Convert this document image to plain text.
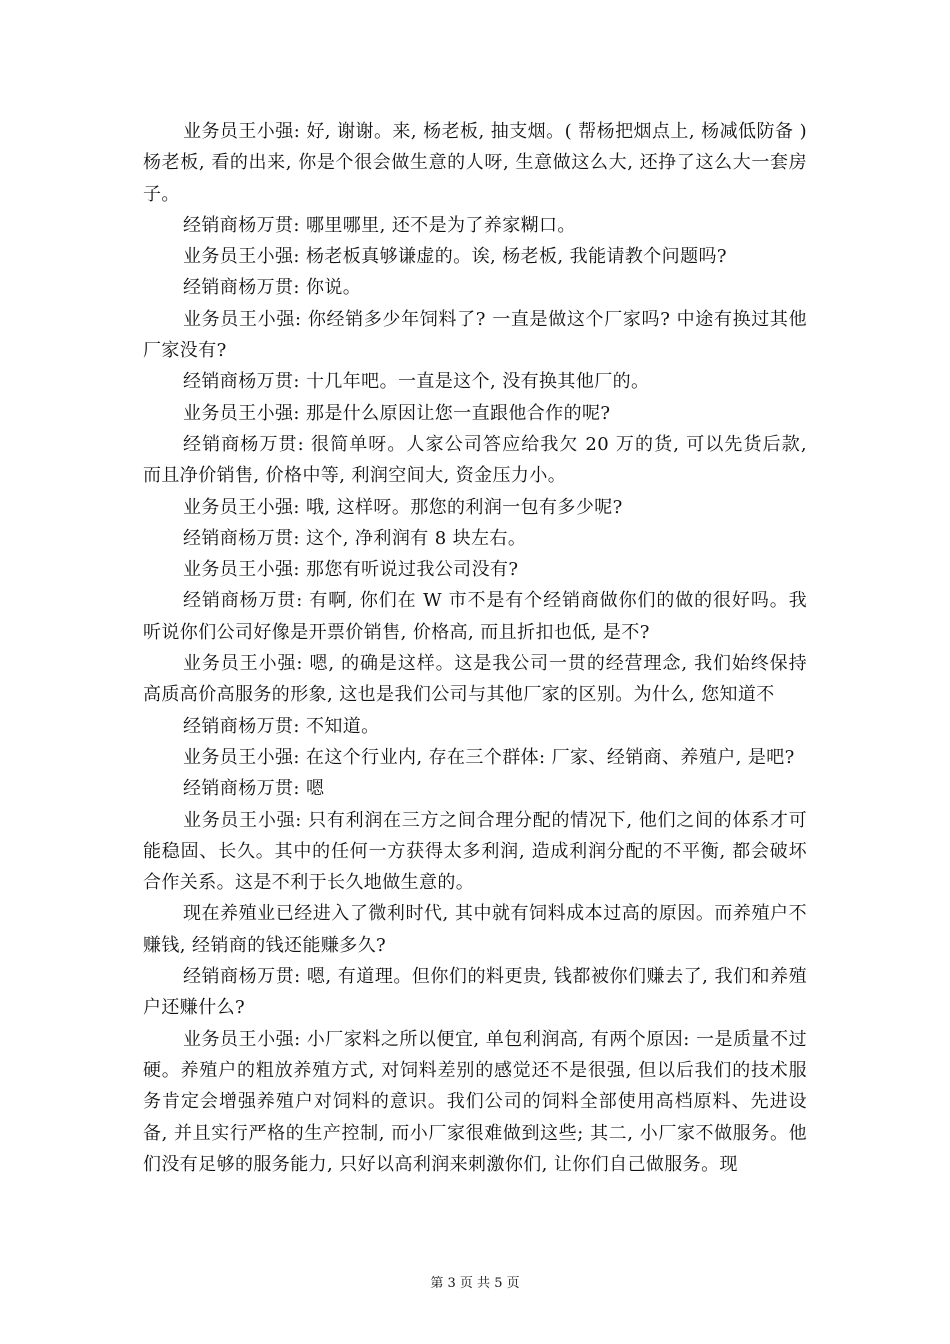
业务员王小强: 好, 谢谢。来, 杨老板, 抽支烟。( 帮杨把烟点上, 杨减低防备 ) 杨老板, 看的出来, 你是个很会做生意的人呀, 生意做这么大, 还挣了这么大一套房子。

经销商杨万贯: 哪里哪里, 还不是为了养家糊口。

业务员王小强: 杨老板真够谦虚的。诶, 杨老板, 我能请教个问题吗?

经销商杨万贯: 你说。

业务员王小强: 你经销多少年饲料了? 一直是做这个厂家吗? 中途有换过其他厂家没有?

经销商杨万贯: 十几年吧。一直是这个, 没有换其他厂的。

业务员王小强: 那是什么原因让您一直跟他合作的呢?

经销商杨万贯: 很简单呀。人家公司答应给我欠 20 万的货, 可以先货后款, 而且净价销售, 价格中等, 利润空间大, 资金压力小。

业务员王小强: 哦, 这样呀。那您的利润一包有多少呢?

经销商杨万贯: 这个, 净利润有 8 块左右。

业务员王小强: 那您有听说过我公司没有?

经销商杨万贯: 有啊, 你们在 W 市不是有个经销商做你们的做的很好吗。我听说你们公司好像是开票价销售, 价格高, 而且折扣也低, 是不?

业务员王小强: 嗯, 的确是这样。这是我公司一贯的经营理念, 我们始终保持高质高价高服务的形象, 这也是我们公司与其他厂家的区别。为什么, 您知道不

经销商杨万贯: 不知道。

业务员王小强: 在这个行业内, 存在三个群体: 厂家、经销商、养殖户, 是吧?

经销商杨万贯: 嗯

业务员王小强: 只有利润在三方之间合理分配的情况下, 他们之间的体系才可能稳固、长久。其中的任何一方获得太多利润, 造成利润分配的不平衡, 都会破坏合作关系。这是不利于长久地做生意的。

现在养殖业已经进入了微利时代, 其中就有饲料成本过高的原因。而养殖户不赚钱, 经销商的钱还能赚多久?

经销商杨万贯: 嗯, 有道理。但你们的料更贵, 钱都被你们赚去了, 我们和养殖户还赚什么?

业务员王小强: 小厂家料之所以便宜, 单包利润高, 有两个原因: 一是质量不过硬。养殖户的粗放养殖方式, 对饲料差别的感觉还不是很强, 但以后我们的技术服务肯定会增强养殖户对饲料的意识。我们公司的饲料全部使用高档原料、先进设备, 并且实行严格的生产控制, 而小厂家很难做到这些; 其二, 小厂家不做服务。他们没有足够的服务能力, 只好以高利润来刺激你们, 让你们自己做服务。现

第 3 页 共 5 页
